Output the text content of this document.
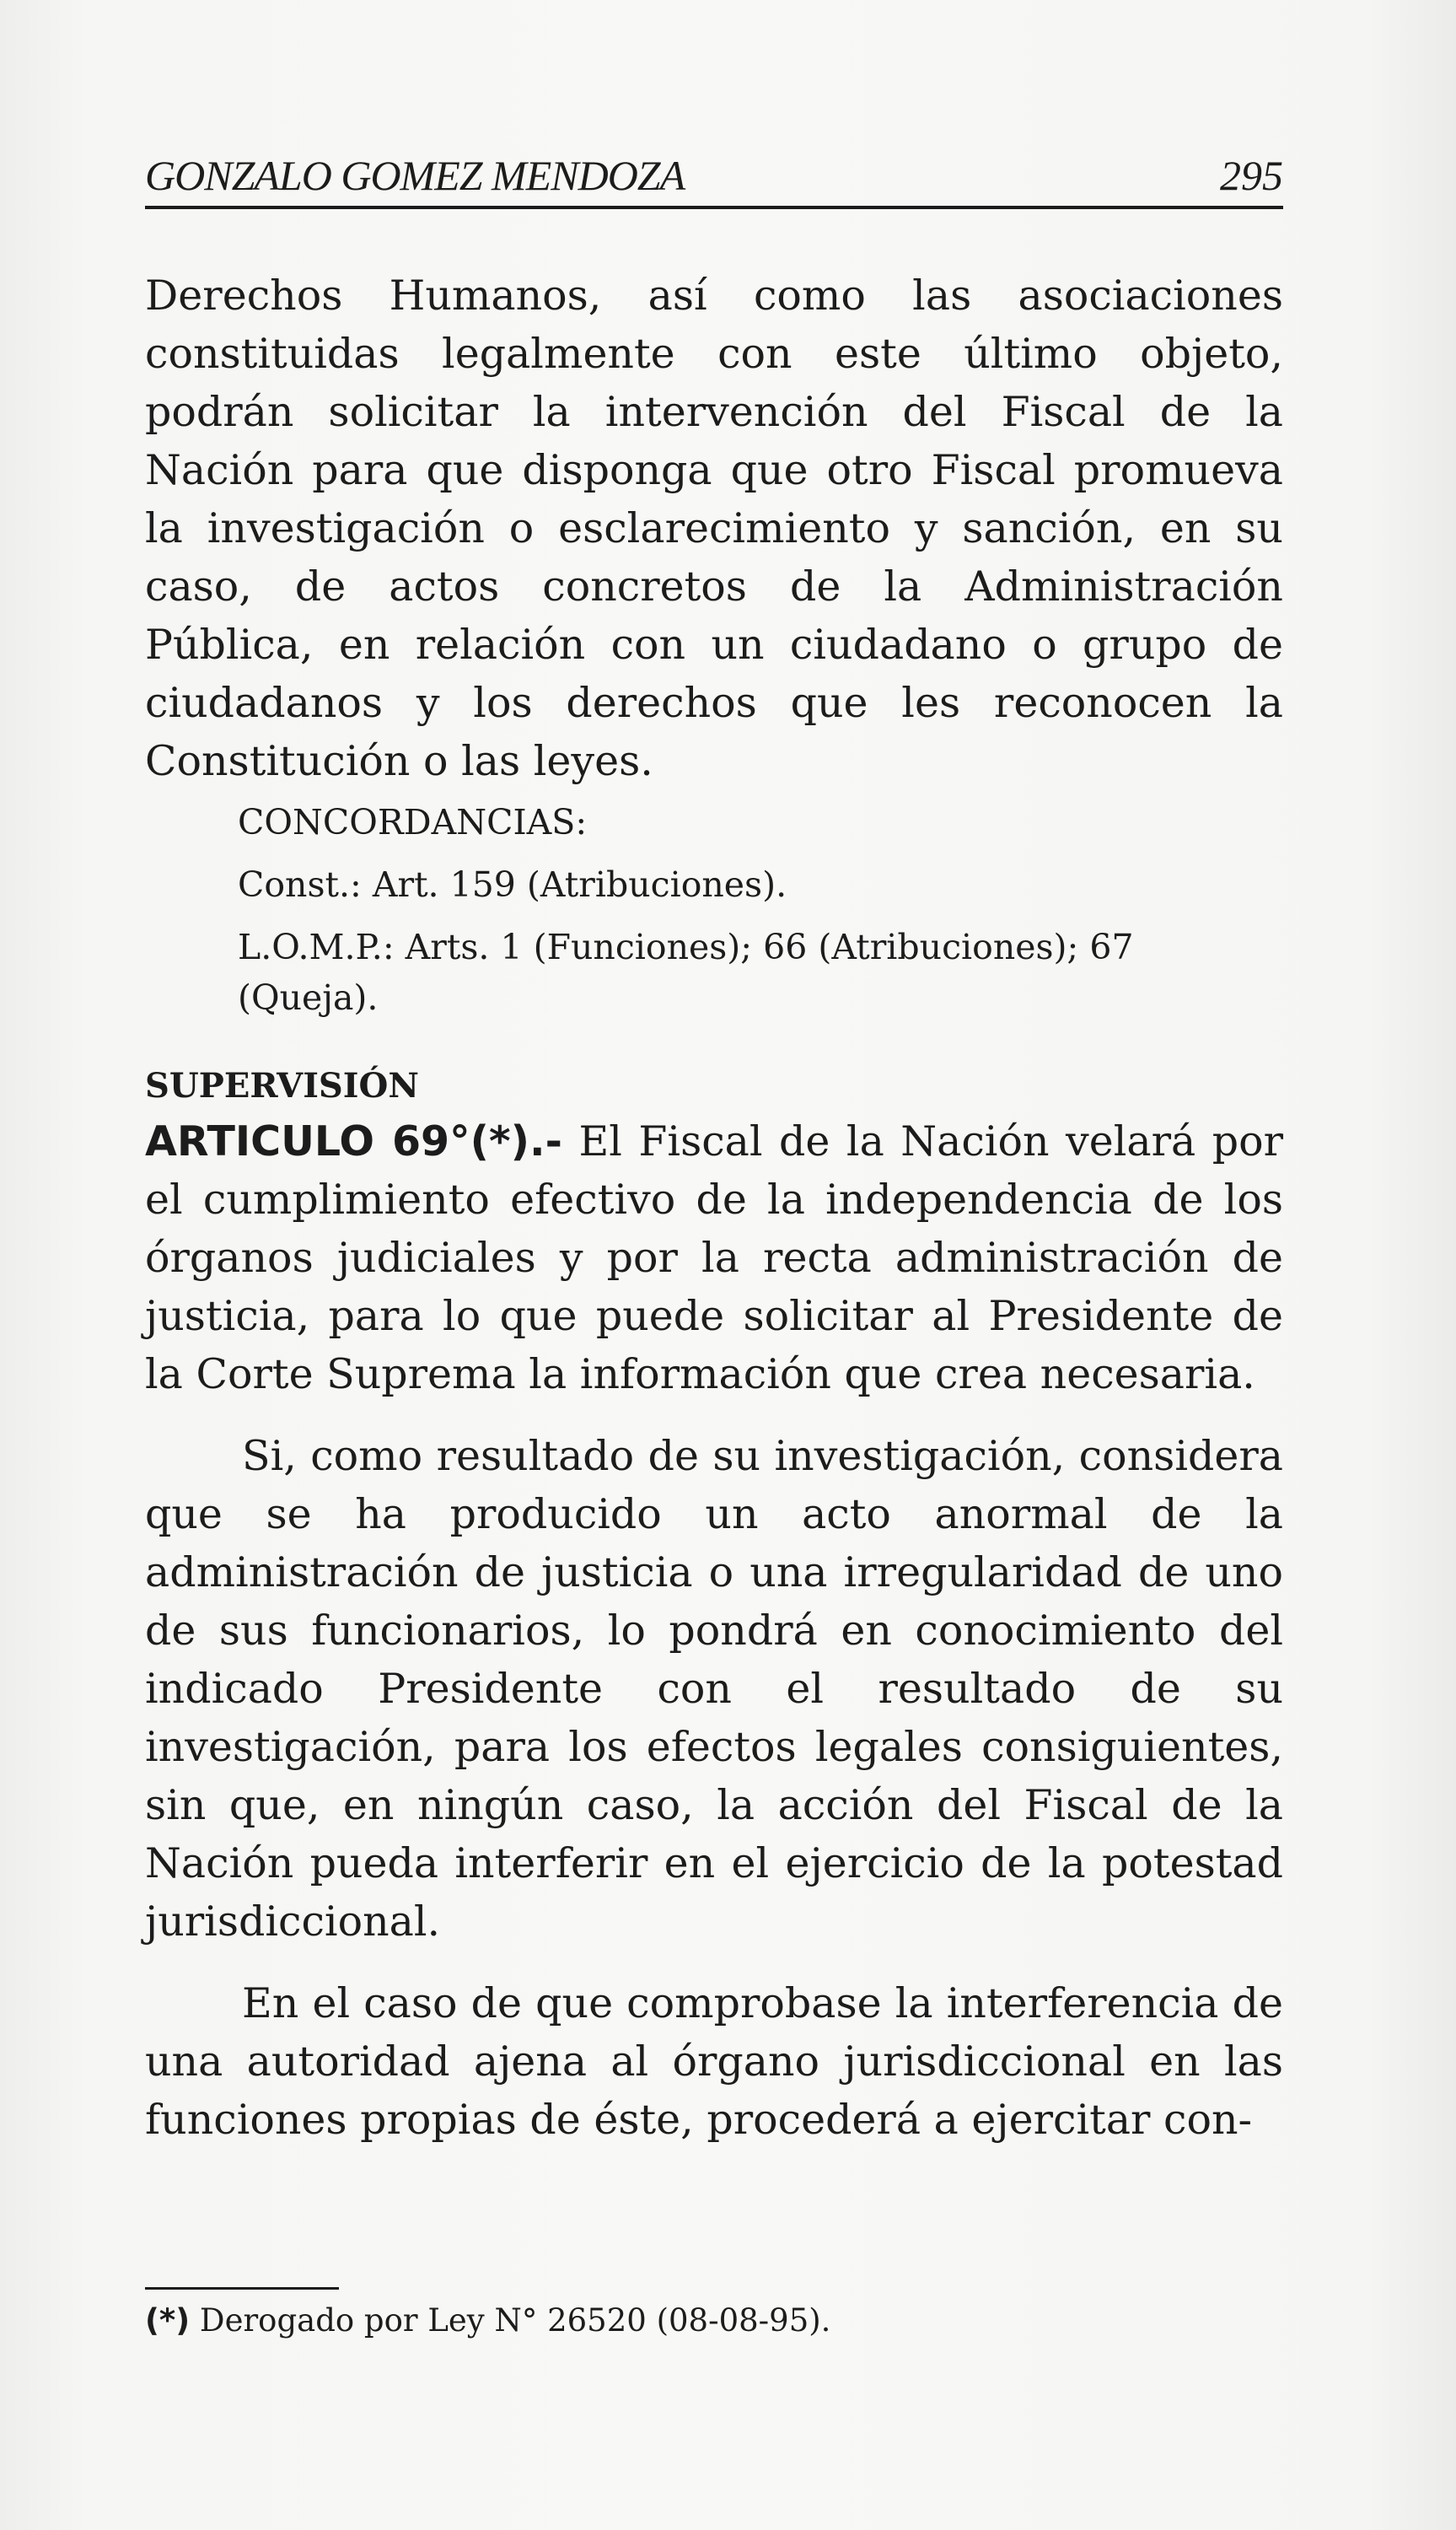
GONZALO GOMEZ MENDOZA	295

Derechos Humanos, así como las asociaciones constituidas legalmente con este último objeto, podrán solicitar la intervención del Fiscal de la Nación para que disponga que otro Fiscal promueva la investigación o esclarecimiento y sanción, en su caso, de actos concretos de la Administración Pública, en relación con un ciudadano o grupo de ciudadanos y los derechos que les reconocen la Constitución o las leyes.

CONCORDANCIAS:

Const.: Art. 159 (Atribuciones).

L.O.M.P.: Arts. 1 (Funciones); 66 (Atribuciones); 67 (Queja).

SUPERVISIÓN

ARTICULO 69°(*).- El Fiscal de la Nación velará por el cumplimiento efectivo de la independencia de los órganos judiciales y por la recta administración de justicia, para lo que puede solicitar al Presidente de la Corte Suprema la información que crea necesaria.

Si, como resultado de su investigación, considera que se ha producido un acto anormal de la administración de justicia o una irregularidad de uno de sus funcionarios, lo pondrá en conocimiento del indicado Presidente con el resultado de su investigación, para los efectos legales consiguientes, sin que, en ningún caso, la acción del Fiscal de la Nación pueda interferir en el ejercicio de la potestad jurisdiccional.

En el caso de que comprobase la interferencia de una autoridad ajena al órgano jurisdiccional en las funciones propias de éste, procederá a ejercitar con-

(*) Derogado por Ley N° 26520 (08-08-95).
